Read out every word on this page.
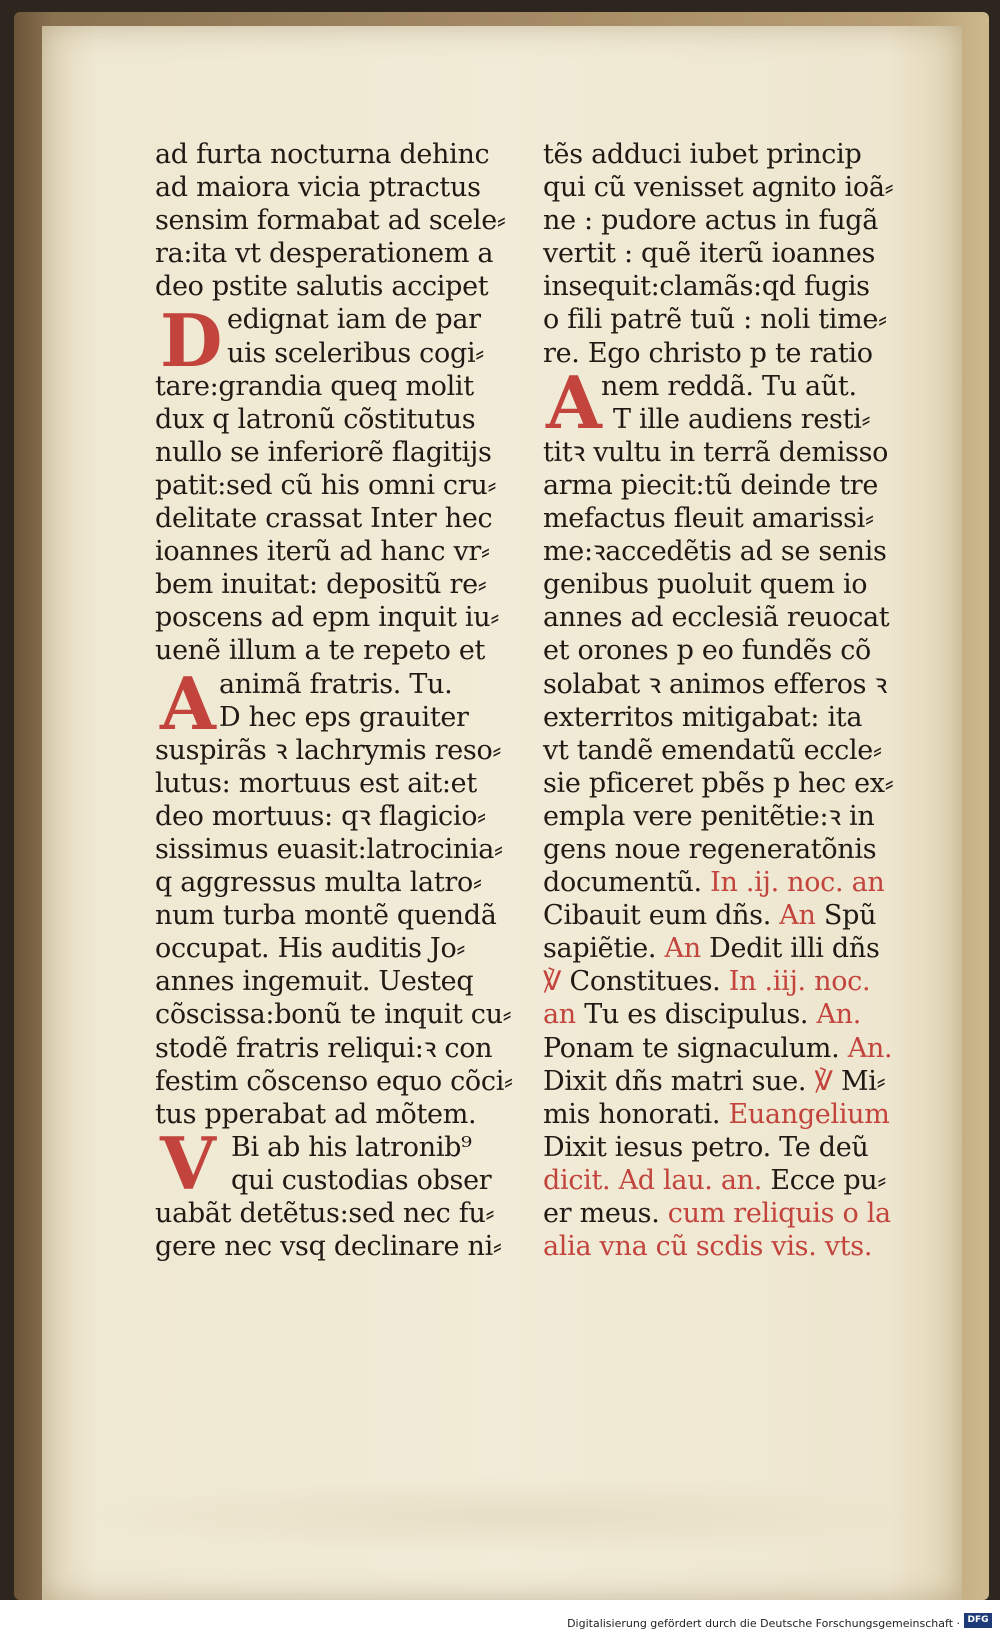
ad furta nocturna dehinc
ad maiora vicia ptractus
sensim formabat ad scele⸗
ra:ita vt desperationem a
deo pstite salutis accipet
edignat iam de par
uis sceleribus cogi⸗
tare:grandia queq molit
dux q latronũ cõstitutus
nullo se inferiorẽ flagitijs
patit:sed cũ his omni cru⸗
delitate crassat Inter hec
ioannes iterũ ad hanc vr⸗
bem inuitat: depositũ re⸗
poscens ad epm inquit iu⸗
uenẽ illum a te repeto et
animã fratris. Tu.
D hec eps grauiter
suspirãs ꝛ lachrymis reso⸗
lutus: mortuus est ait:et
deo mortuus: qꝛ flagicio⸗
sissimus euasit:latrocinia⸗
q aggressus multa latro⸗
num turba montẽ quendã
occupat. His auditis Jo⸗
annes ingemuit. Uesteq
cõscissa:bonũ te inquit cu⸗
stodẽ fratris reliqui:ꝛ con
festim cõscenso equo cõci⸗
tus pperabat ad mõtem.
Bi ab his latronib⁹
qui custodias obser
uabãt detẽtus:sed nec fu⸗
gere nec vsq declinare ni⸗
D
A
V
tẽs adduci iubet princip
qui cũ venisset agnito ioã⸗
ne : pudore actus in fugã
vertit : quẽ iterũ ioannes
insequit:clamãs:qd fugis
o fili patrẽ tuũ : noli time⸗
re. Ego christo p te ratio
nem reddã. Tu aũt.
T ille audiens resti⸗
titꝛ vultu in terrã demisso
arma piecit:tũ deinde tre
mefactus fleuit amarissi⸗
me:ꝛaccedẽtis ad se senis
genibus puoluit quem io
annes ad ecclesiã reuocat
et orones p eo fundẽs cõ
solabat ꝛ animos efferos ꝛ
exterritos mitigabat: ita
vt tandẽ emendatũ eccle⸗
sie pficeret pbẽs p hec ex⸗
empla vere penitẽtie:ꝛ in
gens noue regeneratõnis
documentũ. In .ij. noc. an
Cibauit eum dñs. An Spũ
sapiẽtie. An Dedit illi dñs
℣ Constitues. In .iij. noc.
an Tu es discipulus. An.
Ponam te signaculum. An.
Dixit dñs matri sue. ℣ Mi⸗
mis honorati. Euangelium
Dixit iesus petro. Te deũ
dicit. Ad lau. an. Ecce pu⸗
er meus. cum reliquis o la
alia vna cũ scdis vis. vts.
A
Digitalisierung gefördert durch die Deutsche Forschungsgemeinschaft · DFG
